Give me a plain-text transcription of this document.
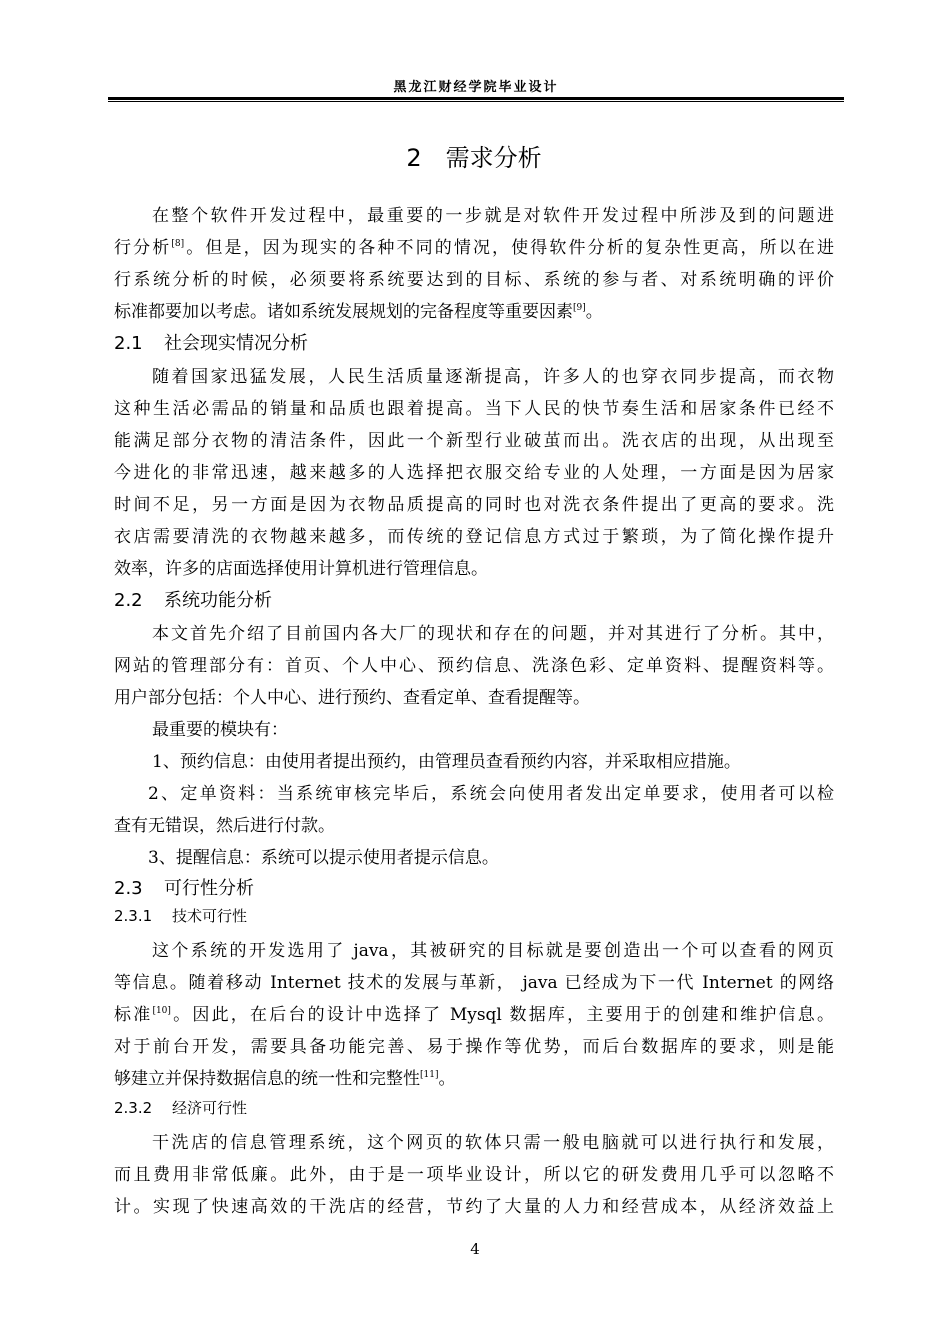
黑龙江财经学院毕业设计
2　需求分析
在整个软件开发过程中，最重要的一步就是对软件开发过程中所涉及到的问题进
行分析[8]。但是，因为现实的各种不同的情况，使得软件分析的复杂性更高，所以在进
行系统分析的时候，必须要将系统要达到的目标、系统的参与者、对系统明确的评价
标准都要加以考虑。诸如系统发展规划的完备程度等重要因素[9]。
2.1 社会现实情况分析
随着国家迅猛发展，人民生活质量逐渐提高，许多人的也穿衣同步提高，而衣物
这种生活必需品的销量和品质也跟着提高。当下人民的快节奏生活和居家条件已经不
能满足部分衣物的清洁条件，因此一个新型行业破茧而出。洗衣店的出现，从出现至
今进化的非常迅速，越来越多的人选择把衣服交给专业的人处理，一方面是因为居家
时间不足，另一方面是因为衣物品质提高的同时也对洗衣条件提出了更高的要求。洗
衣店需要清洗的衣物越来越多，而传统的登记信息方式过于繁琐，为了简化操作提升
效率，许多的店面选择使用计算机进行管理信息。
2.2 系统功能分析
本文首先介绍了目前国内各大厂的现状和存在的问题，并对其进行了分析。其中，
网站的管理部分有：首页、个人中心、预约信息、洗涤色彩、定单资料、提醒资料等。
用户部分包括：个人中心、进行预约、查看定单、查看提醒等。
最重要的模块有：
1、预约信息：由使用者提出预约，由管理员查看预约内容，并采取相应措施。
2、定单资料：当系统审核完毕后，系统会向使用者发出定单要求，使用者可以检
查有无错误，然后进行付款。
3、提醒信息：系统可以提示使用者提示信息。
2.3 可行性分析
2.3.1 技术可行性
这个系统的开发选用了 java，其被研究的目标就是要创造出一个可以查看的网页
等信息。随着移动 Internet 技术的发展与革新， java 已经成为下一代 Internet 的网络
标准[10]。因此，在后台的设计中选择了 Mysql 数据库，主要用于的创建和维护信息。
对于前台开发，需要具备功能完善、易于操作等优势，而后台数据库的要求，则是能
够建立并保持数据信息的统一性和完整性[11]。
2.3.2 经济可行性
干洗店的信息管理系统，这个网页的软体只需一般电脑就可以进行执行和发展，
而且费用非常低廉。此外，由于是一项毕业设计，所以它的研发费用几乎可以忽略不
计。实现了快速高效的干洗店的经营，节约了大量的人力和经营成本，从经济效益上
4
